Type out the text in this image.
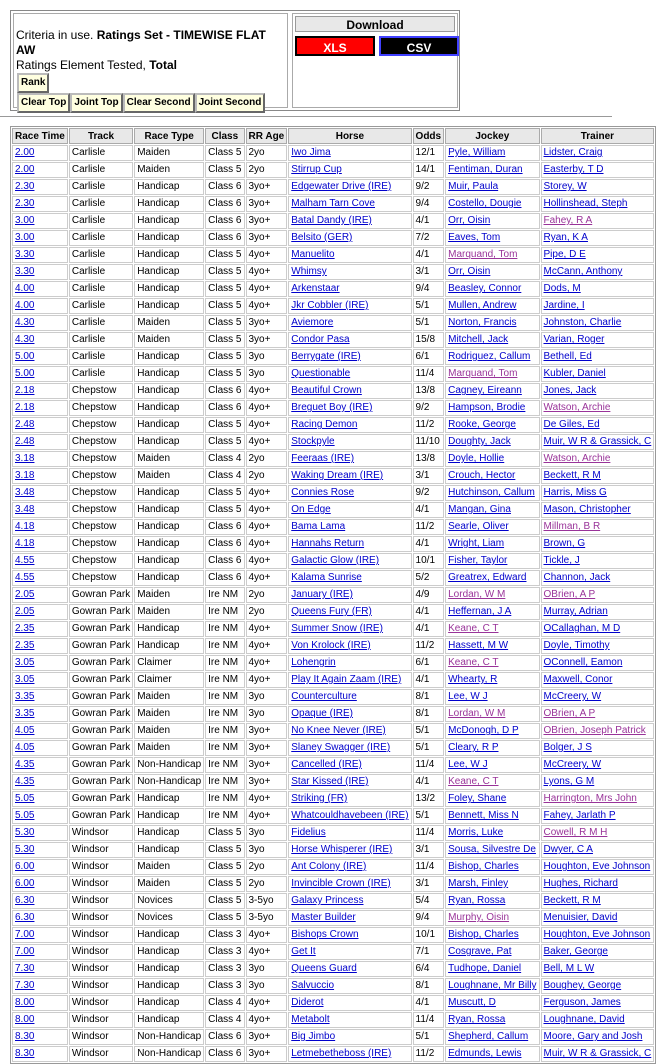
Criteria in use. Ratings Set - TIMEWISE FLAT AW
Ratings Element Tested, Total
Rank
Clear Top Joint Top Clear Second Joint Second
Download
XLS	CSV
Race Time	Track	Race Type	Class	RR Age	Horse	Odds	Jockey	Trainer
2.00	Carlisle	Maiden	Class 5	2yo	Iwo Jima	12/1	Pyle, William	Lidster, Craig
2.00	Carlisle	Maiden	Class 5	2yo	Stirrup Cup	14/1	Fentiman, Duran	Easterby, T D
2.30	Carlisle	Handicap	Class 6	3yo+	Edgewater Drive (IRE)	9/2	Muir, Paula	Storey, W
2.30	Carlisle	Handicap	Class 6	3yo+	Malham Tarn Cove	9/4	Costello, Dougie	Hollinshead, Steph
3.00	Carlisle	Handicap	Class 6	3yo+	Batal Dandy (IRE)	4/1	Orr, Oisin	Fahey, R A
3.00	Carlisle	Handicap	Class 6	3yo+	Belsito (GER)	7/2	Eaves, Tom	Ryan, K A
3.30	Carlisle	Handicap	Class 5	4yo+	Manuelito	4/1	Marquand, Tom	Pipe, D E
3.30	Carlisle	Handicap	Class 5	4yo+	Whimsy	3/1	Orr, Oisin	McCann, Anthony
4.00	Carlisle	Handicap	Class 5	4yo+	Arkenstaar	9/4	Beasley, Connor	Dods, M
4.00	Carlisle	Handicap	Class 5	4yo+	Jkr Cobbler (IRE)	5/1	Mullen, Andrew	Jardine, I
4.30	Carlisle	Maiden	Class 5	3yo+	Aviemore	5/1	Norton, Francis	Johnston, Charlie
4.30	Carlisle	Maiden	Class 5	3yo+	Condor Pasa	15/8	Mitchell, Jack	Varian, Roger
5.00	Carlisle	Handicap	Class 5	3yo	Berrygate (IRE)	6/1	Rodriguez, Callum	Bethell, Ed
5.00	Carlisle	Handicap	Class 5	3yo	Questionable	11/4	Marquand, Tom	Kubler, Daniel
2.18	Chepstow	Handicap	Class 6	4yo+	Beautiful Crown	13/8	Cagney, Eireann	Jones, Jack
2.18	Chepstow	Handicap	Class 6	4yo+	Breguet Boy (IRE)	9/2	Hampson, Brodie	Watson, Archie
2.48	Chepstow	Handicap	Class 5	4yo+	Racing Demon	11/2	Rooke, George	De Giles, Ed
2.48	Chepstow	Handicap	Class 5	4yo+	Stockpyle	11/10	Doughty, Jack	Muir, W R & Grassick, C
3.18	Chepstow	Maiden	Class 4	2yo	Feeraas (IRE)	13/8	Doyle, Hollie	Watson, Archie
3.18	Chepstow	Maiden	Class 4	2yo	Waking Dream (IRE)	3/1	Crouch, Hector	Beckett, R M
3.48	Chepstow	Handicap	Class 5	4yo+	Connies Rose	9/2	Hutchinson, Callum	Harris, Miss G
3.48	Chepstow	Handicap	Class 5	4yo+	On Edge	4/1	Mangan, Gina	Mason, Christopher
4.18	Chepstow	Handicap	Class 6	4yo+	Bama Lama	11/2	Searle, Oliver	Millman, B R
4.18	Chepstow	Handicap	Class 6	4yo+	Hannahs Return	4/1	Wright, Liam	Brown, G
4.55	Chepstow	Handicap	Class 6	4yo+	Galactic Glow (IRE)	10/1	Fisher, Taylor	Tickle, J
4.55	Chepstow	Handicap	Class 6	4yo+	Kalama Sunrise	5/2	Greatrex, Edward	Channon, Jack
2.05	Gowran Park	Maiden	Ire NM	2yo	January (IRE)	4/9	Lordan, W M	OBrien, A P
2.05	Gowran Park	Maiden	Ire NM	2yo	Queens Fury (FR)	4/1	Heffernan, J A	Murray, Adrian
2.35	Gowran Park	Handicap	Ire NM	4yo+	Summer Snow (IRE)	4/1	Keane, C T	OCallaghan, M D
2.35	Gowran Park	Handicap	Ire NM	4yo+	Von Krolock (IRE)	11/2	Hassett, M W	Doyle, Timothy
3.05	Gowran Park	Claimer	Ire NM	4yo+	Lohengrin	6/1	Keane, C T	OConnell, Eamon
3.05	Gowran Park	Claimer	Ire NM	4yo+	Play It Again Zaam (IRE)	4/1	Whearty, R	Maxwell, Conor
3.35	Gowran Park	Maiden	Ire NM	3yo	Counterculture	8/1	Lee, W J	McCreery, W
3.35	Gowran Park	Maiden	Ire NM	3yo	Opaque (IRE)	8/1	Lordan, W M	OBrien, A P
4.05	Gowran Park	Maiden	Ire NM	3yo+	No Knee Never (IRE)	5/1	McDonogh, D P	OBrien, Joseph Patrick
4.05	Gowran Park	Maiden	Ire NM	3yo+	Slaney Swagger (IRE)	5/1	Cleary, R P	Bolger, J S
4.35	Gowran Park	Non-Handicap	Ire NM	3yo+	Cancelled (IRE)	11/4	Lee, W J	McCreery, W
4.35	Gowran Park	Non-Handicap	Ire NM	3yo+	Star Kissed (IRE)	4/1	Keane, C T	Lyons, G M
5.05	Gowran Park	Handicap	Ire NM	4yo+	Striking (FR)	13/2	Foley, Shane	Harrington, Mrs John
5.05	Gowran Park	Handicap	Ire NM	4yo+	Whatcouldhavebeen (IRE)	5/1	Bennett, Miss N	Fahey, Jarlath P
5.30	Windsor	Handicap	Class 5	3yo	Fidelius	11/4	Morris, Luke	Cowell, R M H
5.30	Windsor	Handicap	Class 5	3yo	Horse Whisperer (IRE)	3/1	Sousa, Silvestre De	Dwyer, C A
6.00	Windsor	Maiden	Class 5	2yo	Ant Colony (IRE)	11/4	Bishop, Charles	Houghton, Eve Johnson
6.00	Windsor	Maiden	Class 5	2yo	Invincible Crown (IRE)	3/1	Marsh, Finley	Hughes, Richard
6.30	Windsor	Novices	Class 5	3-5yo	Galaxy Princess	5/4	Ryan, Rossa	Beckett, R M
6.30	Windsor	Novices	Class 5	3-5yo	Master Builder	9/4	Murphy, Oisin	Menuisier, David
7.00	Windsor	Handicap	Class 3	4yo+	Bishops Crown	10/1	Bishop, Charles	Houghton, Eve Johnson
7.00	Windsor	Handicap	Class 3	4yo+	Get It	7/1	Cosgrave, Pat	Baker, George
7.30	Windsor	Handicap	Class 3	3yo	Queens Guard	6/4	Tudhope, Daniel	Bell, M L W
7.30	Windsor	Handicap	Class 3	3yo	Salvuccio	8/1	Loughnane, Mr Billy	Boughey, George
8.00	Windsor	Handicap	Class 4	4yo+	Diderot	4/1	Muscutt, D	Ferguson, James
8.00	Windsor	Handicap	Class 4	4yo+	Metabolt	11/4	Ryan, Rossa	Loughnane, David
8.30	Windsor	Non-Handicap	Class 6	3yo+	Big Jimbo	5/1	Shepherd, Callum	Moore, Gary and Josh
8.30	Windsor	Non-Handicap	Class 6	3yo+	Letmebetheboss (IRE)	11/2	Edmunds, Lewis	Muir, W R & Grassick, C
